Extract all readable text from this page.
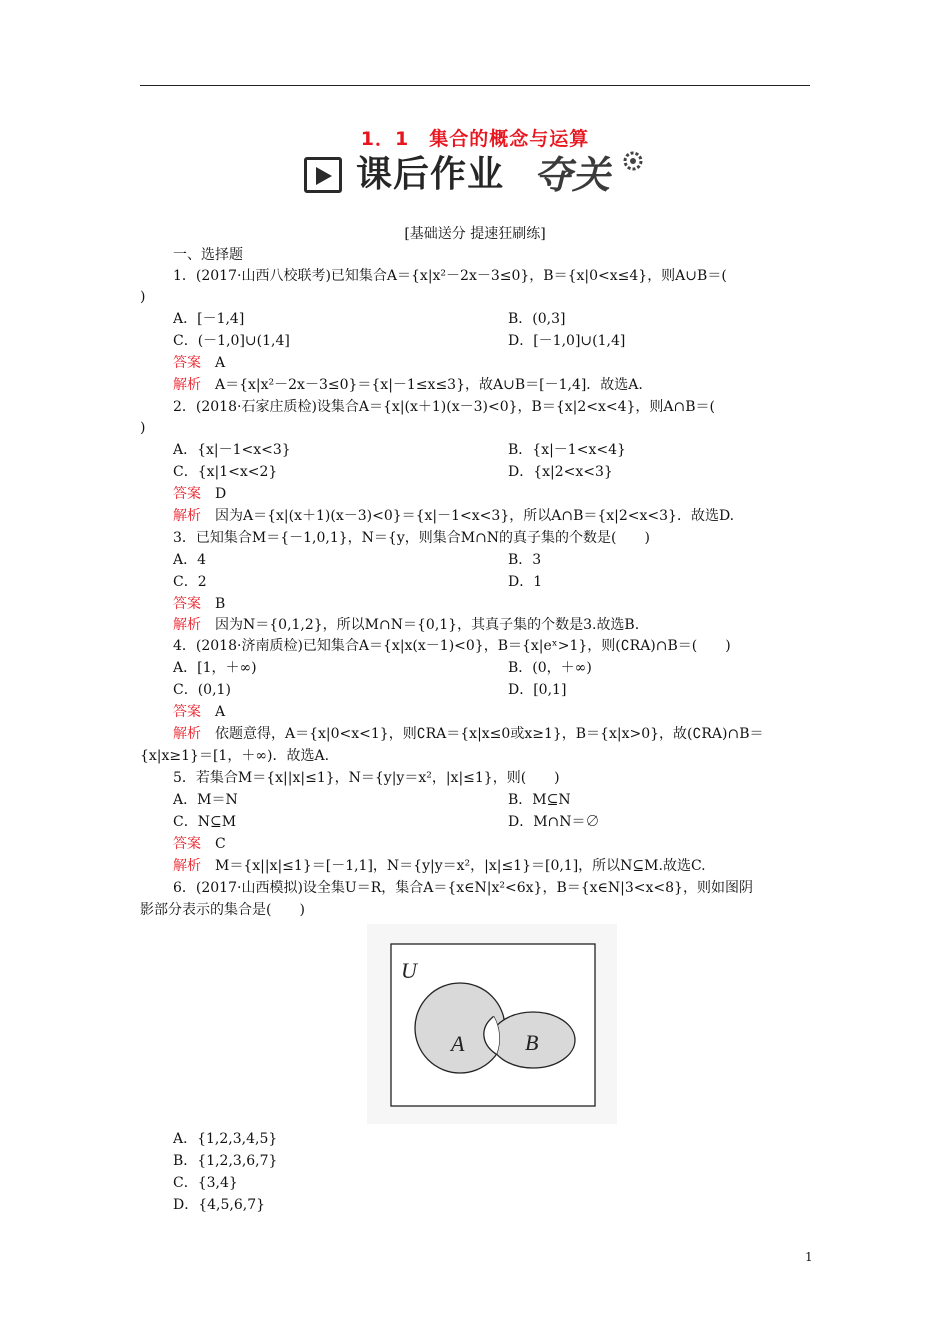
1．1　集合的概念与运算
课后作业 夺关
[基础送分 提速狂刷练]
一、选择题
1．(2017·山西八校联考)已知集合A＝{x|x²－2x－3≤0}，B＝{x|0<x≤4}，则A∪B＝(
)
A．[－1,4]	B．(0,3]
C．(－1,0]∪(1,4]	D．[－1,0]∪(1,4]
答案 A
解析 A＝{x|x²－2x－3≤0}＝{x|－1≤x≤3}，故A∪B＝[－1,4]．故选A.
2．(2018·石家庄质检)设集合A＝{x|(x＋1)(x－3)<0}，B＝{x|2<x<4}，则A∩B＝(
)
A．{x|－1<x<3}	B．{x|－1<x<4}
C．{x|1<x<2}	D．{x|2<x<3}
答案 D
解析 因为A＝{x|(x＋1)(x－3)<0}＝{x|－1<x<3}，所以A∩B＝{x|2<x<3}．故选D.
3．已知集合M＝{－1,0,1}，N＝{y，则集合M∩N的真子集的个数是(　　)
A．4	B．3
C．2	D．1
答案 B
解析 因为N＝{0,1,2}，所以M∩N＝{0,1}，其真子集的个数是3.故选B.
4．(2018·济南质检)已知集合A＝{x|x(x－1)<0}，B＝{x|eˣ>1}，则(∁RA)∩B＝(　　)
A．[1，＋∞)	B．(0，＋∞)
C．(0,1)	D．[0,1]
答案 A
解析 依题意得，A＝{x|0<x<1}，则∁RA＝{x|x≤0或x≥1}，B＝{x|x>0}，故(∁RA)∩B＝
{x|x≥1}＝[1，＋∞)．故选A.
5．若集合M＝{x||x|≤1}，N＝{y|y＝x²，|x|≤1}，则(　　)
A．M＝N	B．M⊆N
C．N⊆M	D．M∩N＝∅
答案 C
解析 M＝{x||x|≤1}＝[－1,1]，N＝{y|y＝x²，|x|≤1}＝[0,1]，所以N⊆M.故选C.
6．(2017·山西模拟)设全集U＝R，集合A＝{x∈N|x²<6x}，B＝{x∈N|3<x<8}，则如图阴
影部分表示的集合是(　　)
A．{1,2,3,4,5}
B．{1,2,3,6,7}
C．{3,4}
D．{4,5,6,7}
U
A	B
1
